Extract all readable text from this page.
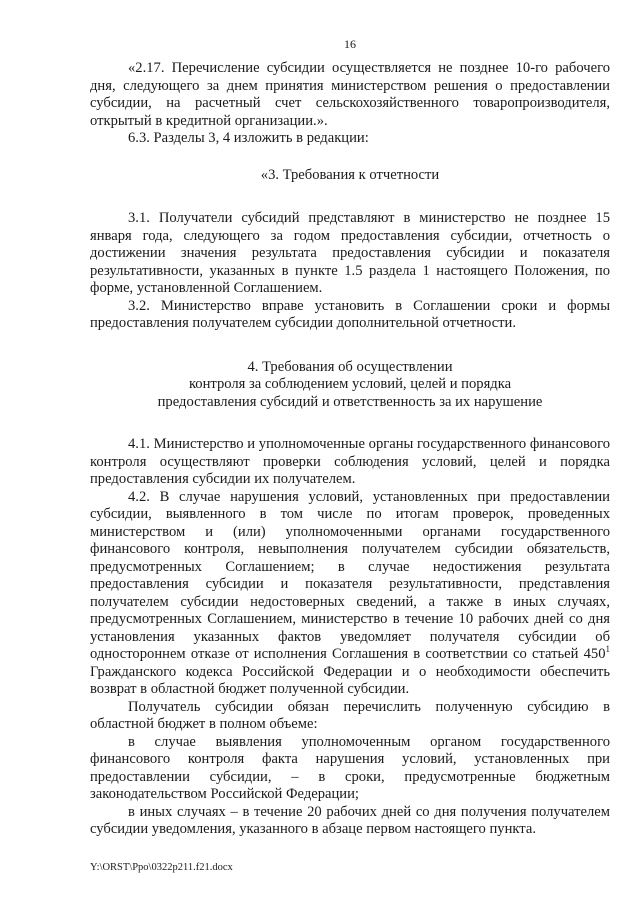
16

«2.17. Перечисление субсидии осуществляется не позднее 10-го рабочего дня, следующего за днем принятия министерством решения о предоставлении субсидии, на расчетный счет сельскохозяйственного товаропроизводителя, открытый в кредитной организации.».

6.3. Разделы 3, 4 изложить в редакции:

«3. Требования к отчетности

3.1. Получатели субсидий представляют в министерство не позднее 15 января года, следующего за годом предоставления субсидии, отчетность о достижении значения результата предоставления субсидии и показателя результативности, указанных в пункте 1.5 раздела 1 настоящего Положения, по форме, установленной Соглашением.

3.2. Министерство вправе установить в Соглашении сроки и формы предоставления получателем субсидии дополнительной отчетности.

4. Требования об осуществлении

контроля за соблюдением условий, целей и порядка

предоставления субсидий и ответственность за их нарушение

4.1. Министерство и уполномоченные органы государственного финансового контроля осуществляют проверки соблюдения условий, целей и порядка предоставления субсидии их получателем.

4.2. В случае нарушения условий, установленных при предоставлении субсидии, выявленного в том числе по итогам проверок, проведенных министерством и (или) уполномоченными органами государственного финансового контроля, невыполнения получателем субсидии обязательств, предусмотренных Соглашением; в случае недостижения результата предоставления субсидии и показателя результативности, представления получателем субсидии недостоверных сведений, а также в иных случаях, предусмотренных Соглашением, министерство в течение 10 рабочих дней со дня установления указанных фактов уведомляет получателя субсидии об одностороннем отказе от исполнения Соглашения в соответствии со статьей $450^1$ Гражданского кодекса Российской Федерации и о необходимости обеспечить возврат в областной бюджет полученной субсидии.

Получатель субсидии обязан перечислить полученную субсидию в областной бюджет в полном объеме:

в случае выявления уполномоченным органом государственного финансового контроля факта нарушения условий, установленных при предоставлении субсидии, – в сроки, предусмотренные бюджетным законодательством Российской Федерации;

в иных случаях – в течение 20 рабочих дней со дня получения получателем субсидии уведомления, указанного в абзаце первом настоящего пункта.

Y:\ORST\Ppo\0322p211.f21.docx
